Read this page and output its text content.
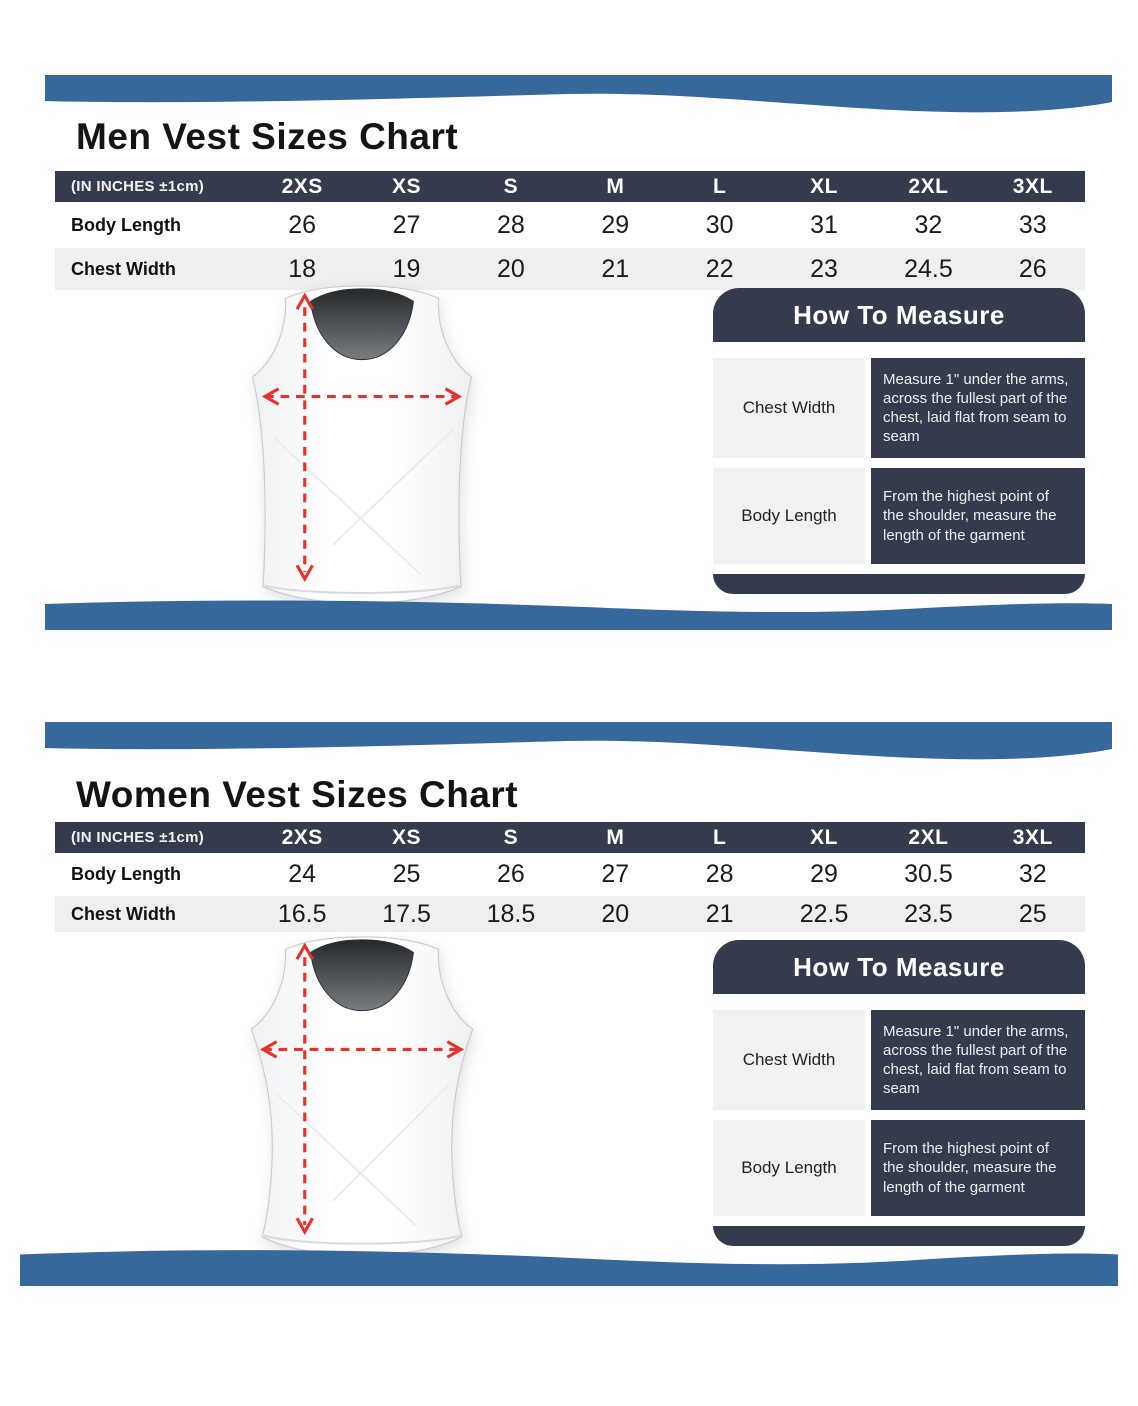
Men Vest Sizes Chart
(IN INCHES ±1cm)	2XS	XS	S	M	L	XL	2XL	3XL
Body Length	26	27	28	29	30	31	32	33
Chest Width	18	19	20	21	22	23	24.5	26
How To Measure
Chest Width
Measure 1" under the arms, across the fullest part of the chest, laid flat from seam to seam
Body Length
From the highest point of the shoulder, measure the length of the garment
Women Vest Sizes Chart
(IN INCHES ±1cm)	2XS	XS	S	M	L	XL	2XL	3XL
Body Length	24	25	26	27	28	29	30.5	32
Chest Width	16.5	17.5	18.5	20	21	22.5	23.5	25
How To Measure
Chest Width
Measure 1" under the arms, across the fullest part of the chest, laid flat from seam to seam
Body Length
From the highest point of the shoulder, measure the length of the garment
